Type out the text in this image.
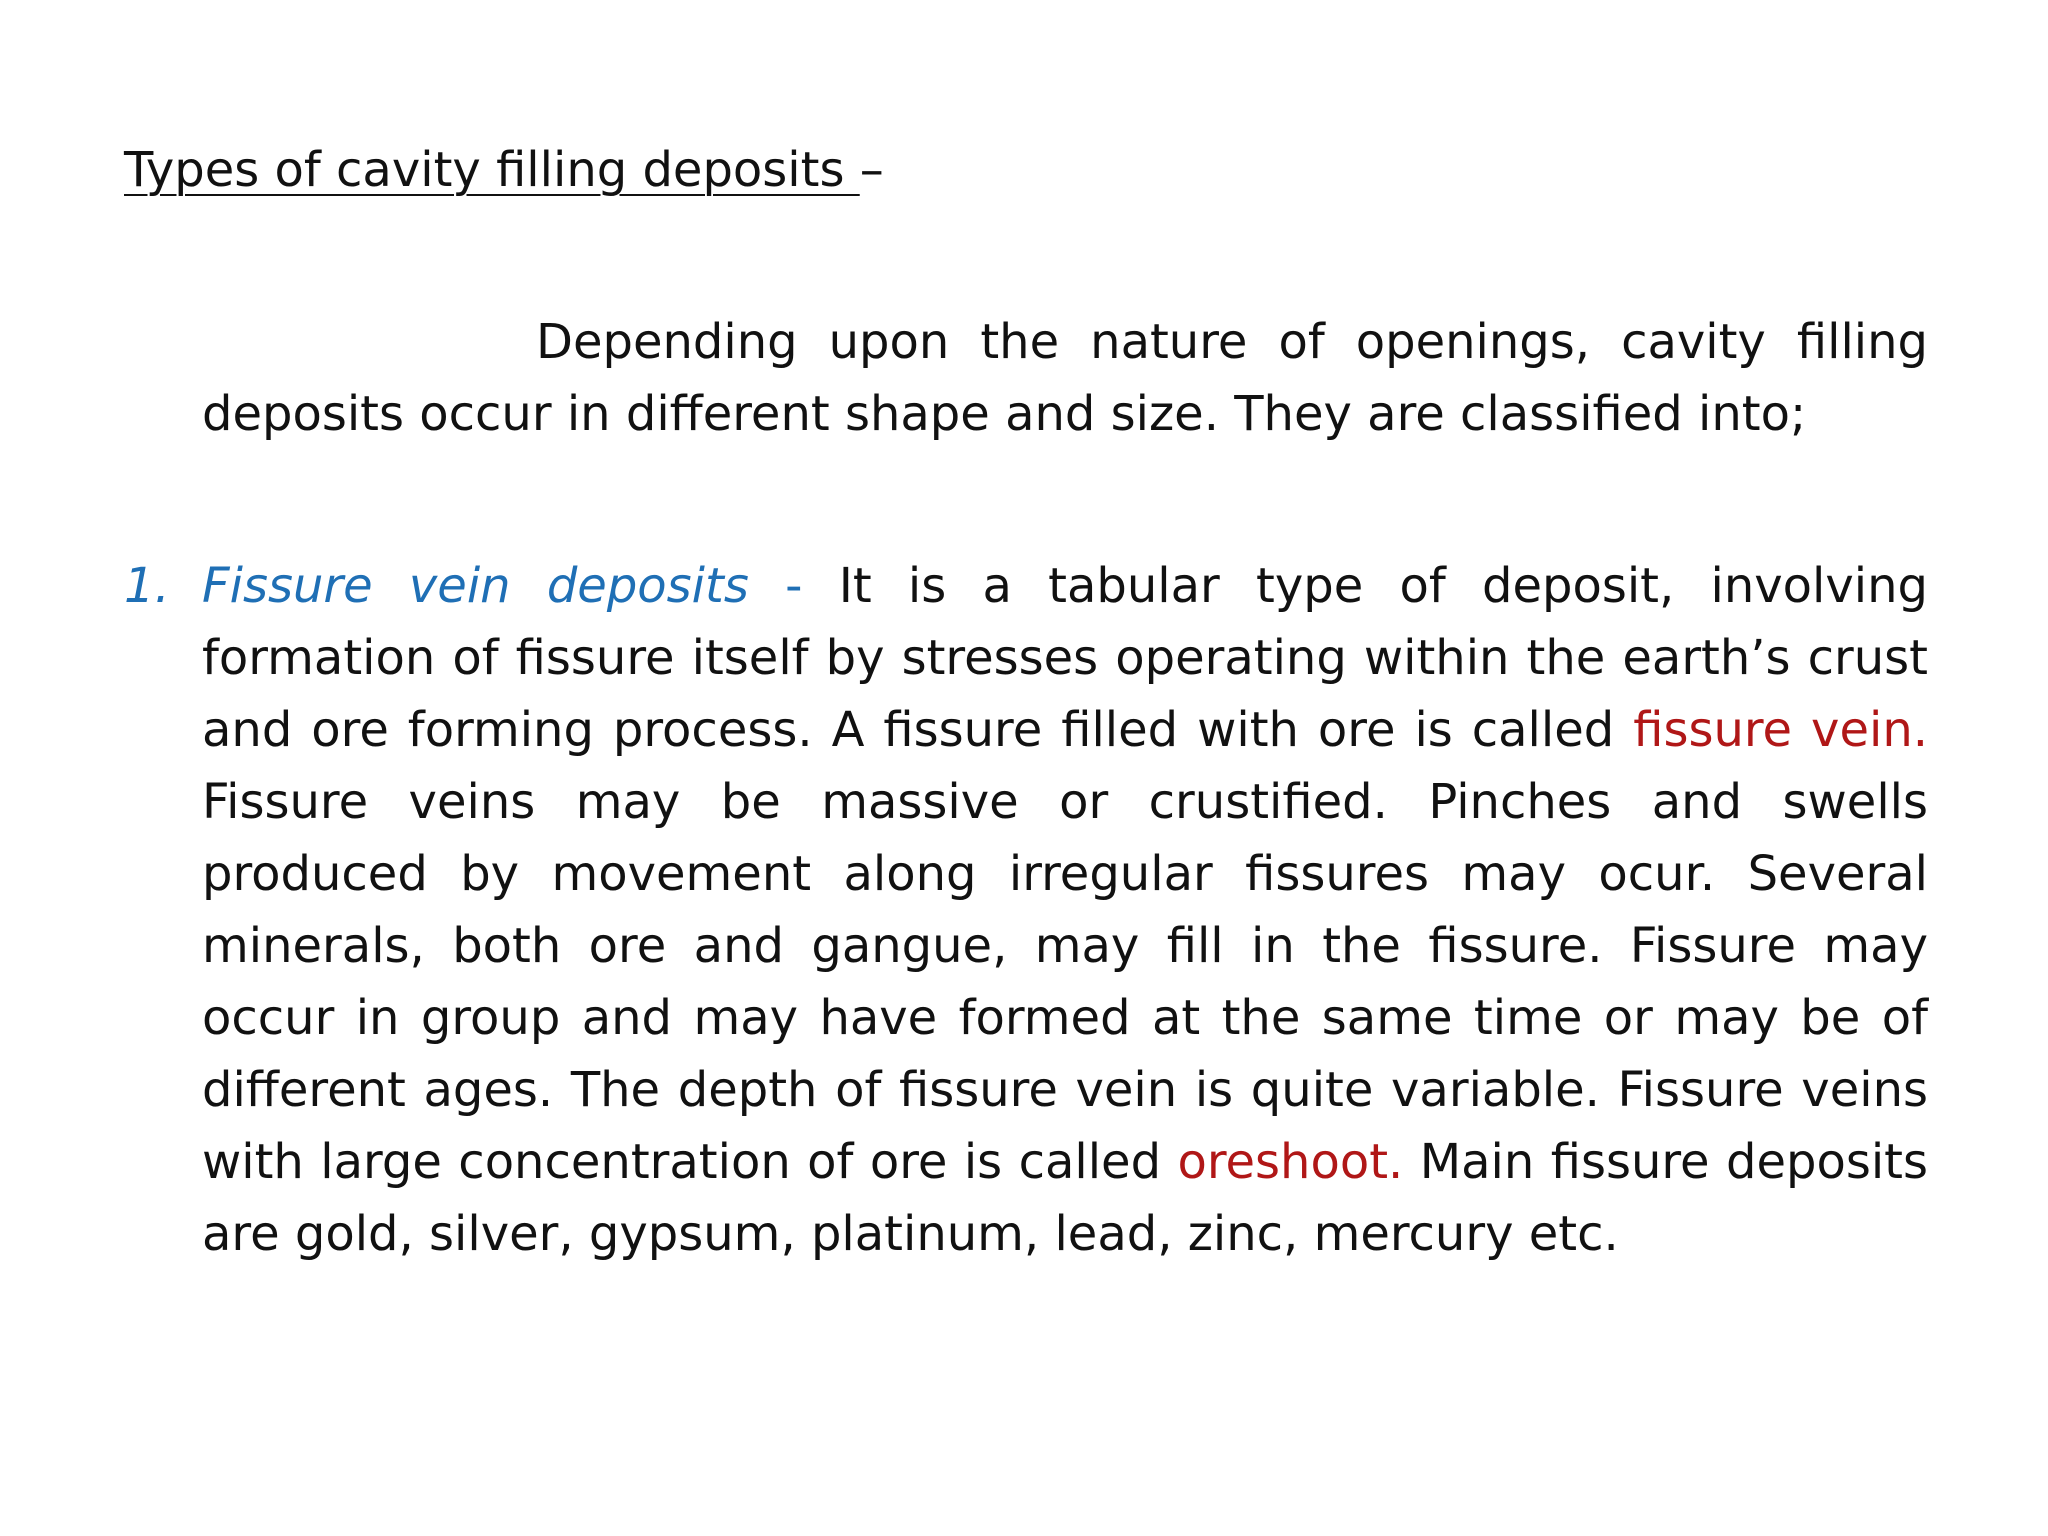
Types of cavity filling deposits –
Depending upon the nature of openings, cavity filling deposits occur in different shape and size. They are classified into;
1. Fissure vein deposits - It is a tabular type of deposit, involving formation of fissure itself by stresses operating within the earth’s crust and ore forming process. A fissure filled with ore is called fissure vein. Fissure veins may be massive or crustified. Pinches and swells produced by movement along irregular fissures may ocur. Several minerals, both ore and gangue, may fill in the fissure. Fissure may occur in group and may have formed at the same time or may be of different ages. The depth of fissure vein is quite variable. Fissure veins with large concentration of ore is called oreshoot. Main fissure deposits are gold, silver, gypsum, platinum, lead, zinc, mercury etc.
